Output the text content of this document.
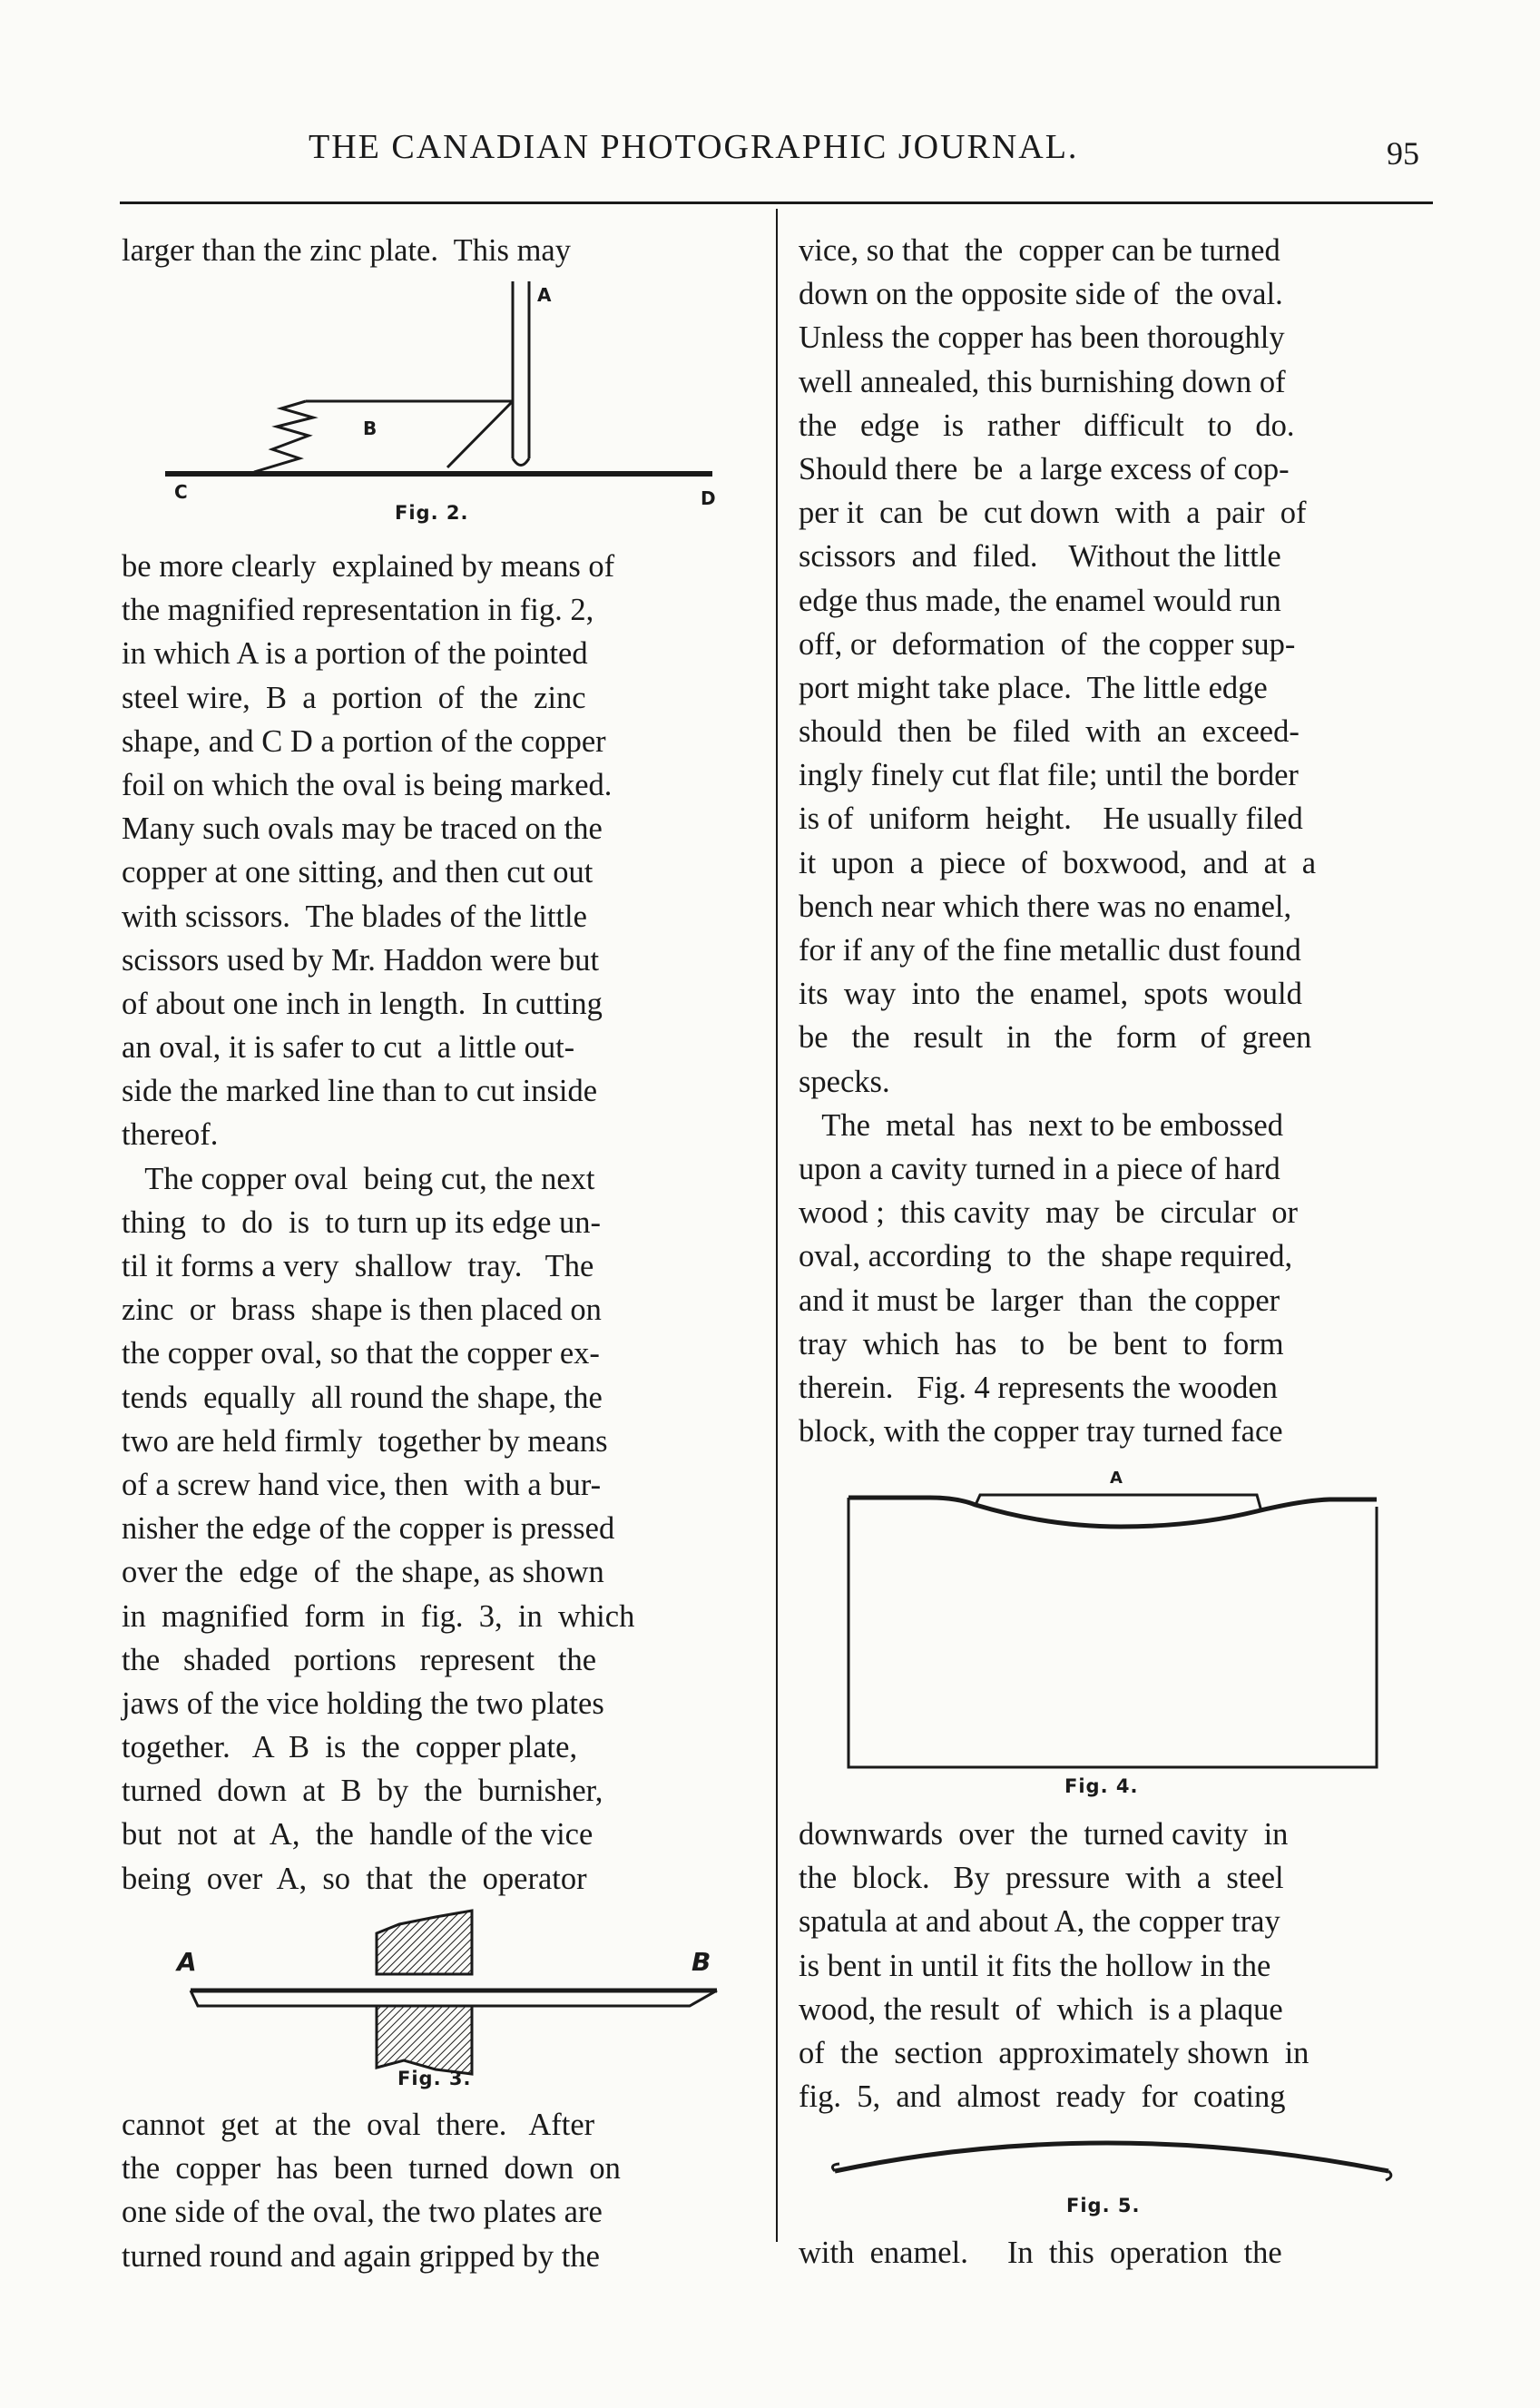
THE CANADIAN PHOTOGRAPHIC JOURNAL.	95
larger than the zinc plate.  This may
A
B
C	D
Fig. 2.
be more clearly  explained by means of
the magnified representation in fig. 2,
in which A is a portion of the pointed
steel wire,  B  a  portion  of  the  zinc
shape, and C D a portion of the copper
foil on which the oval is being marked.
Many such ovals may be traced on the
copper at one sitting, and then cut out
with scissors.  The blades of the little
scissors used by Mr. Haddon were but
of about one inch in length.  In cutting
an oval, it is safer to cut  a little out-
side the marked line than to cut inside
thereof.
The copper oval  being cut, the next
thing  to  do  is  to turn up its edge un-
til it forms a very  shallow  tray.   The
zinc  or  brass  shape is then placed on
the copper oval, so that the copper ex-
tends  equally  all round the shape, the
two are held firmly  together by means
of a screw hand vice, then  with a bur-
nisher the edge of the copper is pressed
over the  edge  of  the shape, as shown
in  magnified  form  in  fig.  3,  in  which
the   shaded   portions   represent   the
jaws of the vice holding the two plates
together.   A  B  is  the  copper plate,
turned  down  at  B  by  the  burnisher,
but  not  at  A,  the  handle of the vice
being  over  A,  so  that  the  operator
A	B
Fig. 3.
cannot  get  at  the  oval  there.   After
the  copper  has  been  turned  down  on
one side of the oval, the two plates are
turned round and again gripped by the
vice, so that  the  copper can be turned
down on the opposite side of  the oval.
Unless the copper has been thoroughly
well annealed, this burnishing down of
the   edge   is   rather   difficult   to   do.
Should there  be  a large excess of cop-
per it  can  be  cut down  with  a  pair  of
scissors  and  filed.    Without the little
edge thus made, the enamel would run
off, or  deformation  of  the copper sup-
port might take place.  The little edge
should  then  be  filed  with  an  exceed-
ingly finely cut flat file; until the border
is of  uniform  height.    He usually filed
it  upon  a  piece  of  boxwood,  and  at  a
bench near which there was no enamel,
for if any of the fine metallic dust found
its  way  into  the  enamel,  spots  would
be   the   result   in   the   form   of  green
specks.
The  metal  has  next to be embossed
upon a cavity turned in a piece of hard
wood ;  this cavity  may  be  circular  or
oval, according  to  the  shape required,
and it must be  larger  than  the copper
tray  which  has   to   be  bent  to  form
therein.   Fig. 4 represents the wooden
block, with the copper tray turned face
A
Fig. 4.
downwards  over  the  turned cavity  in
the  block.   By  pressure  with  a  steel
spatula at and about A, the copper tray
is bent in until it fits the hollow in the
wood, the result  of  which  is a plaque
of  the  section  approximately shown  in
fig.  5,  and  almost  ready  for  coating
Fig. 5.
with  enamel.     In  this  operation  the
